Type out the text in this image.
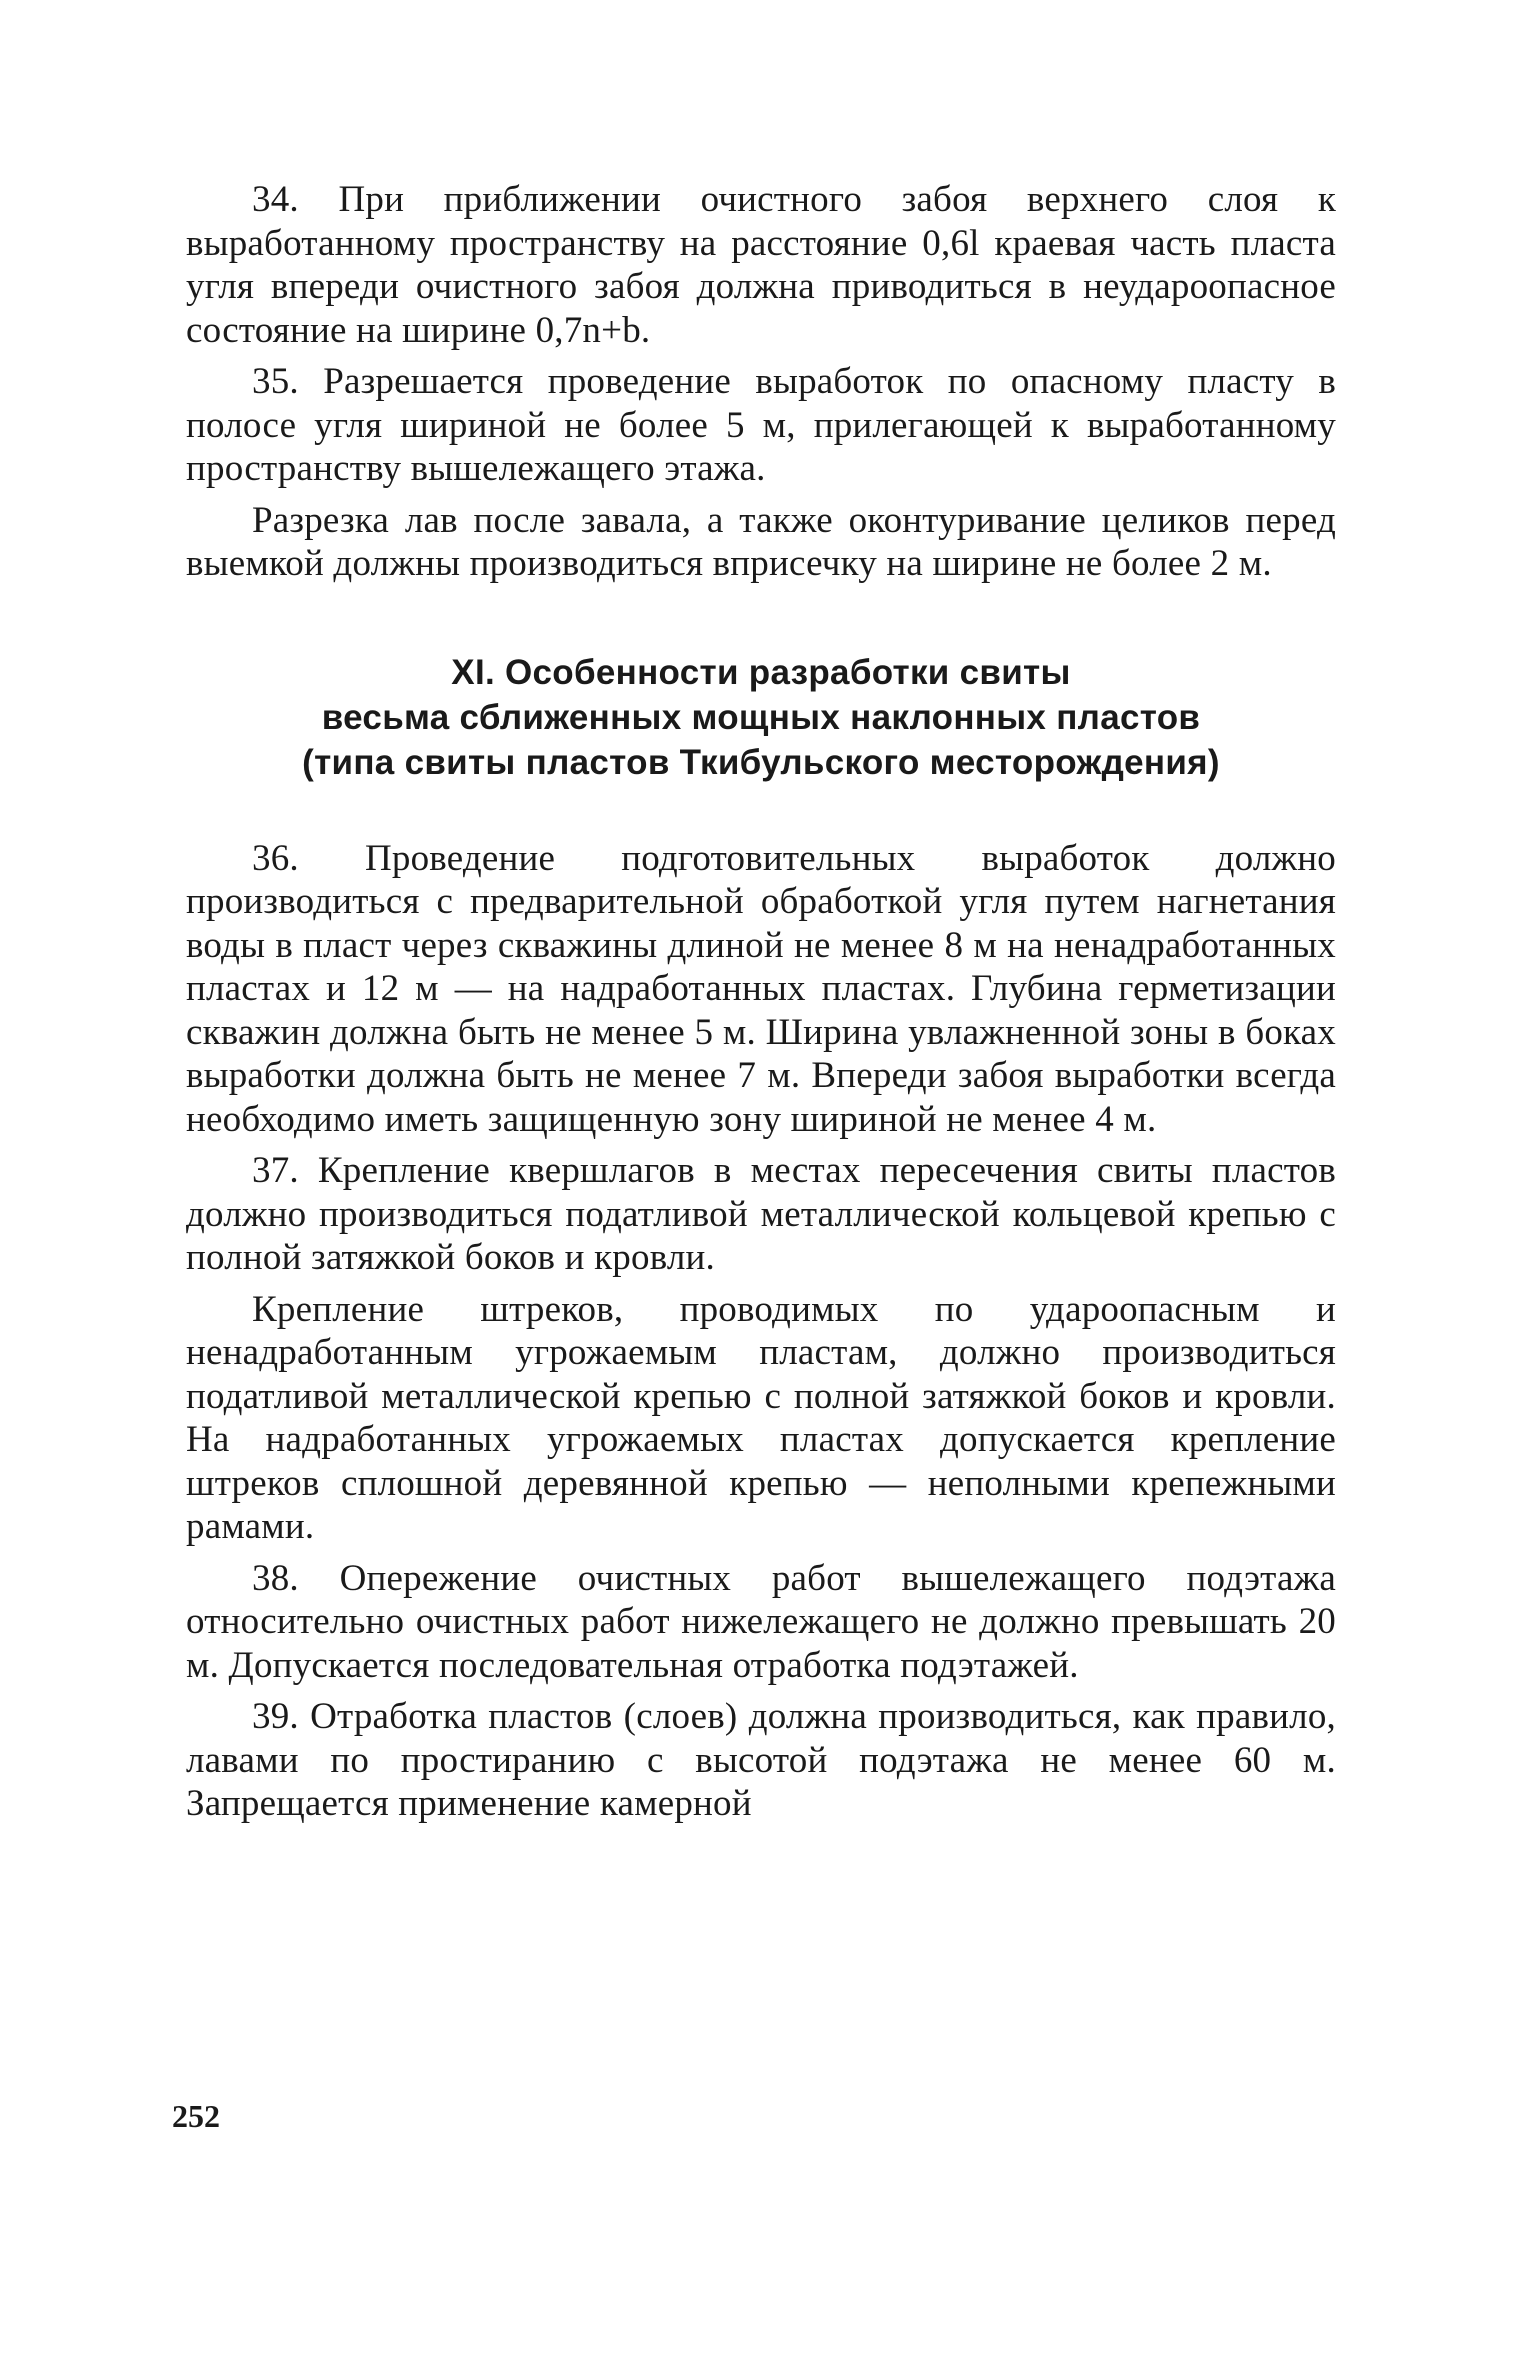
34. При приближении очистного забоя верхнего слоя к выработанному пространству на расстояние 0,6l краевая часть пласта угля впереди очистного забоя должна приводиться в неудароопасное состояние на ширине 0,7n+b.

35. Разрешается проведение выработок по опасному пласту в полосе угля шириной не более 5 м, прилегающей к выработанному пространству вышележащего этажа.

Разрезка лав после завала, а также оконтуривание целиков перед выемкой должны производиться вприсечку на ширине не более 2 м.

XI. Особенности разработки свиты
весьма сближенных мощных наклонных пластов
(типа свиты пластов Ткибульского месторождения)

36. Проведение подготовительных выработок должно производиться с предварительной обработкой угля путем нагнетания воды в пласт через скважины длиной не менее 8 м на ненадработанных пластах и 12 м — на надработанных пластах. Глубина герметизации скважин должна быть не менее 5 м. Ширина увлажненной зоны в боках выработки должна быть не менее 7 м. Впереди забоя выработки всегда необходимо иметь защищенную зону шириной не менее 4 м.

37. Крепление квершлагов в местах пересечения свиты пластов должно производиться податливой металлической кольцевой крепью с полной затяжкой боков и кровли.

Крепление штреков, проводимых по удароопасным и ненадработанным угрожаемым пластам, должно производиться податливой металлической крепью с полной затяжкой боков и кровли. На надработанных угрожаемых пластах допускается крепление штреков сплошной деревянной крепью — неполными крепежными рамами.

38. Опережение очистных работ вышележащего подэтажа относительно очистных работ нижележащего не должно превышать 20 м. Допускается последовательная отработка подэтажей.

39. Отработка пластов (слоев) должна производиться, как правило, лавами по простиранию с высотой подэтажа не менее 60 м. Запрещается применение камерной

252
